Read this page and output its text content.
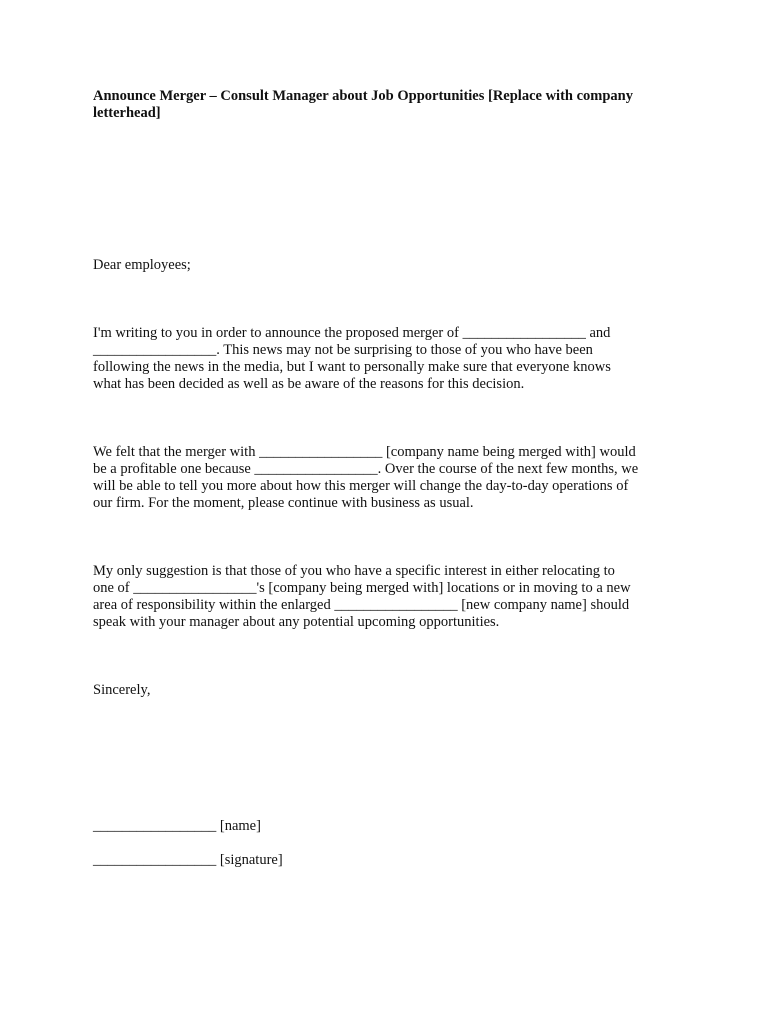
Announce Merger – Consult Manager about Job Opportunities [Replace with company letterhead]

Dear employees;

I'm writing to you in order to announce the proposed merger of _________________ and
_________________. This news may not be surprising to those of you who have been
following the news in the media, but I want to personally make sure that everyone knows
what has been decided as well as be aware of the reasons for this decision.

We felt that the merger with _________________ [company name being merged with] would
be a profitable one because _________________. Over the course of the next few months, we
will be able to tell you more about how this merger will change the day-to-day operations of
our firm. For the moment, please continue with business as usual.

My only suggestion is that those of you who have a specific interest in either relocating to
one of _________________'s [company being merged with] locations or in moving to a new
area of responsibility within the enlarged _________________ [new company name] should
speak with your manager about any potential upcoming opportunities.

Sincerely,

_________________ [name]

_________________ [signature]
